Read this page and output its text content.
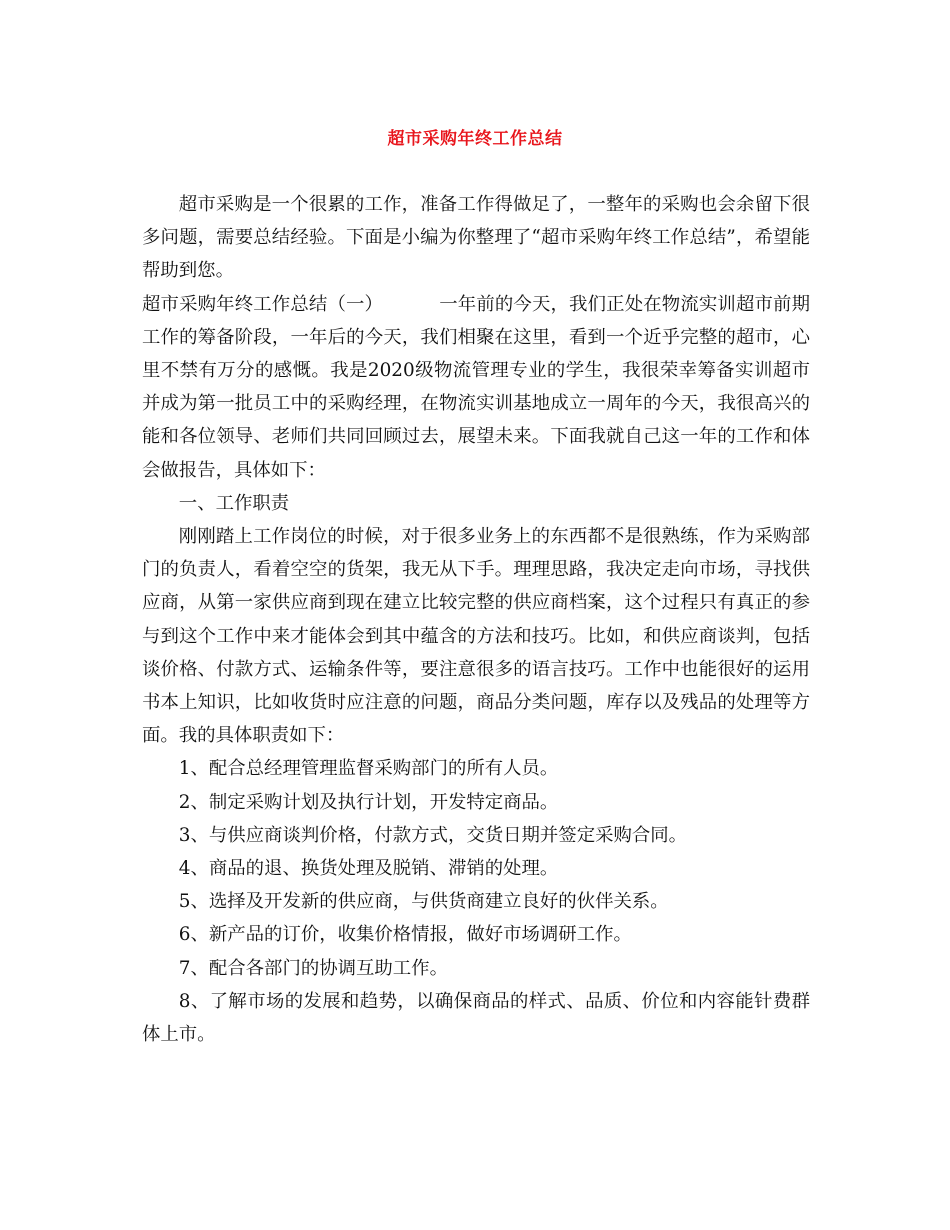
超市采购年终工作总结

超市采购是一个很累的工作，准备工作得做足了，一整年的采购也会余留下很多问题，需要总结经验。下面是小编为你整理了“超市采购年终工作总结”，希望能帮助到您。

超市采购年终工作总结（一）	一年前的今天，我们正处在物流实训超市前期工作的筹备阶段，一年后的今天，我们相聚在这里，看到一个近乎完整的超市，心里不禁有万分的感慨。我是2020级物流管理专业的学生，我很荣幸筹备实训超市并成为第一批员工中的采购经理，在物流实训基地成立一周年的今天，我很高兴的能和各位领导、老师们共同回顾过去，展望未来。下面我就自己这一年的工作和体会做报告，具体如下：

一、工作职责

刚刚踏上工作岗位的时候，对于很多业务上的东西都不是很熟练，作为采购部门的负责人，看着空空的货架，我无从下手。理理思路，我决定走向市场，寻找供应商，从第一家供应商到现在建立比较完整的供应商档案，这个过程只有真正的参与到这个工作中来才能体会到其中蕴含的方法和技巧。比如，和供应商谈判，包括谈价格、付款方式、运输条件等，要注意很多的语言技巧。工作中也能很好的运用书本上知识，比如收货时应注意的问题，商品分类问题，库存以及残品的处理等方面。我的具体职责如下：

1、配合总经理管理监督采购部门的所有人员。

2、制定采购计划及执行计划，开发特定商品。

3、与供应商谈判价格，付款方式，交货日期并签定采购合同。

4、商品的退、换货处理及脱销、滞销的处理。

5、选择及开发新的供应商，与供货商建立良好的伙伴关系。

6、新产品的订价，收集价格情报，做好市场调研工作。

7、配合各部门的协调互助工作。

8、了解市场的发展和趋势，以确保商品的样式、品质、价位和内容能针费群体上市。
